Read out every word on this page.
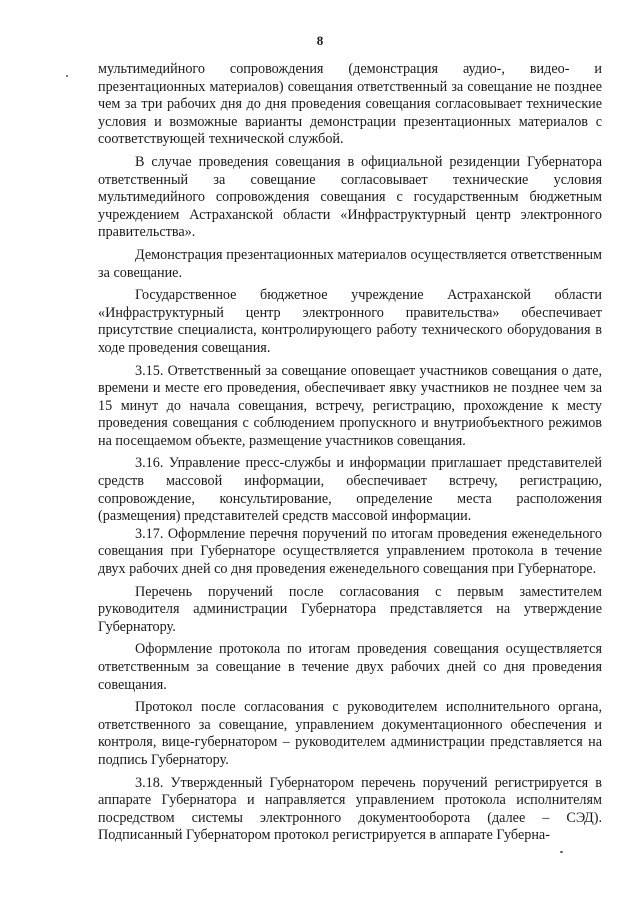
8

мультимедийного сопровождения (демонстрация аудио-, видео- и презентационных материалов) совещания ответственный за совещание не позднее чем за три рабочих дня до дня проведения совещания согласовывает технические условия и возможные варианты демонстрации презентационных материалов с соответствующей технической службой.

В случае проведения совещания в официальной резиденции Губернатора ответственный за совещание согласовывает технические условия мультимедийного сопровождения совещания с государственным бюджетным учреждением Астраханской области «Инфраструктурный центр электронного правительства».

Демонстрация презентационных материалов осуществляется ответственным за совещание.

Государственное бюджетное учреждение Астраханской области «Инфраструктурный центр электронного правительства» обеспечивает присутствие специалиста, контролирующего работу технического оборудования в ходе проведения совещания.

3.15. Ответственный за совещание оповещает участников совещания о дате, времени и месте его проведения, обеспечивает явку участников не позднее чем за 15 минут до начала совещания, встречу, регистрацию, прохождение к месту проведения совещания с соблюдением пропускного и внутриобъектного режимов на посещаемом объекте, размещение участников совещания.

3.16. Управление пресс-службы и информации приглашает представителей средств массовой информации, обеспечивает встречу, регистрацию, сопровождение, консультирование, определение места расположения (размещения) представителей средств массовой информации.

3.17. Оформление перечня поручений по итогам проведения еженедельного совещания при Губернаторе осуществляется управлением протокола в течение двух рабочих дней со дня проведения еженедельного совещания при Губернаторе.

Перечень поручений после согласования с первым заместителем руководителя администрации Губернатора представляется на утверждение Губернатору.

Оформление протокола по итогам проведения совещания осуществляется ответственным за совещание в течение двух рабочих дней со дня проведения совещания.

Протокол после согласования с руководителем исполнительного органа, ответственного за совещание, управлением документационного обеспечения и контроля, вице-губернатором – руководителем администрации представляется на подпись Губернатору.

3.18. Утвержденный Губернатором перечень поручений регистрируется в аппарате Губернатора и направляется управлением протокола исполнителям посредством системы электронного документооборота (далее – СЭД). Подписанный Губернатором протокол регистрируется в аппарате Губерна-
